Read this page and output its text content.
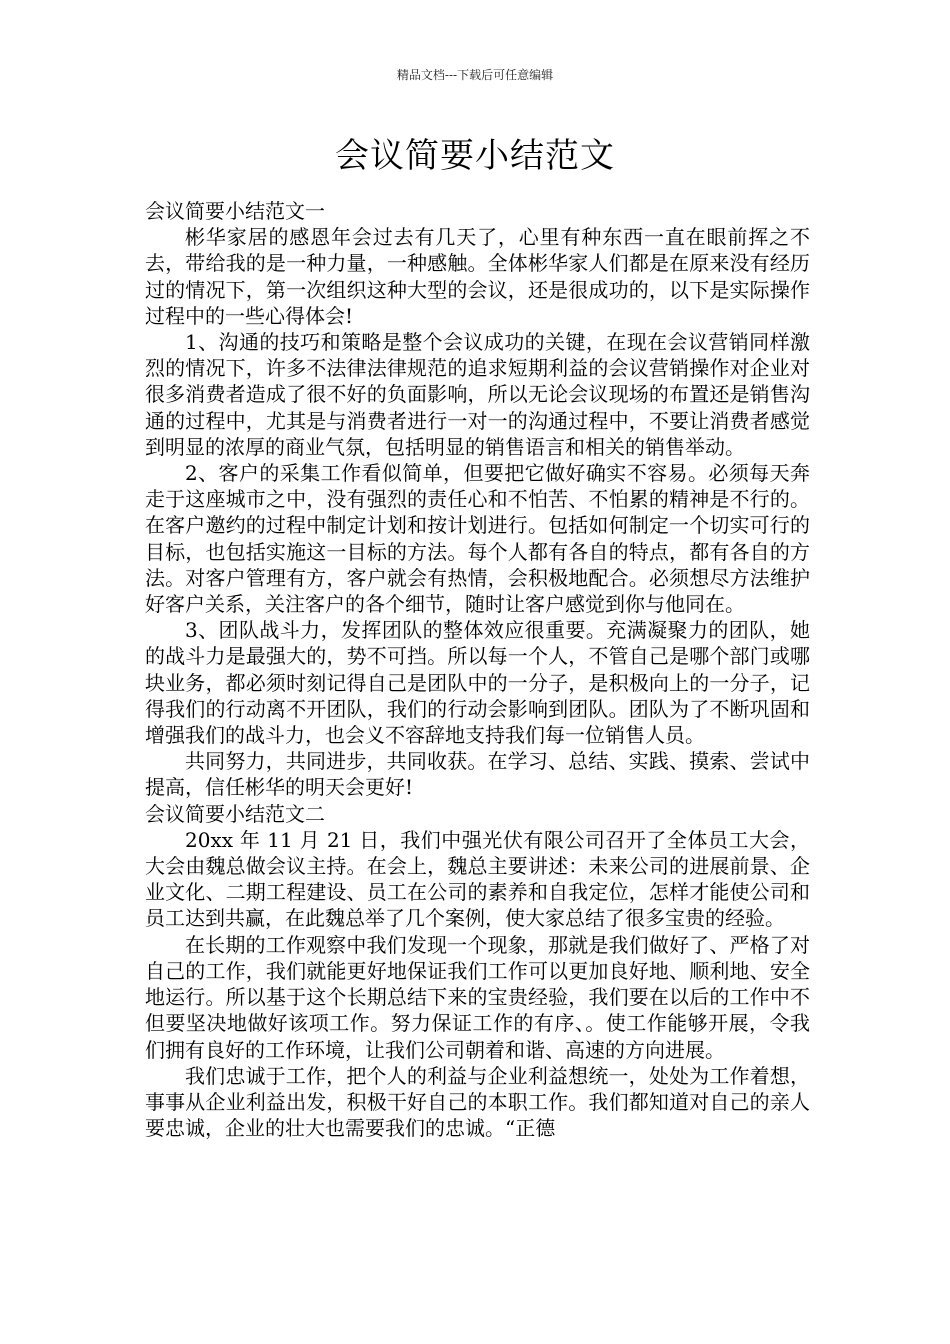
精品文档---下载后可任意编辑
会议简要小结范文

会议简要小结范文一

彬华家居的感恩年会过去有几天了，心里有种东西一直在眼前挥之不去，带给我的是一种力量，一种感触。全体彬华家人们都是在原来没有经历过的情况下，第一次组织这种大型的会议，还是很成功的，以下是实际操作过程中的一些心得体会!

1、沟通的技巧和策略是整个会议成功的关键，在现在会议营销同样激烈的情况下，许多不法律法律规范的追求短期利益的会议营销操作对企业对很多消费者造成了很不好的负面影响，所以无论会议现场的布置还是销售沟通的过程中，尤其是与消费者进行一对一的沟通过程中，不要让消费者感觉到明显的浓厚的商业气氛，包括明显的销售语言和相关的销售举动。

2、客户的采集工作看似简单，但要把它做好确实不容易。必须每天奔走于这座城市之中，没有强烈的责任心和不怕苦、不怕累的精神是不行的。在客户邀约的过程中制定计划和按计划进行。包括如何制定一个切实可行的目标，也包括实施这一目标的方法。每个人都有各自的特点，都有各自的方法。对客户管理有方，客户就会有热情，会积极地配合。必须想尽方法维护好客户关系，关注客户的各个细节，随时让客户感觉到你与他同在。

3、团队战斗力，发挥团队的整体效应很重要。充满凝聚力的团队，她的战斗力是最强大的，势不可挡。所以每一个人，不管自己是哪个部门或哪块业务，都必须时刻记得自己是团队中的一分子，是积极向上的一分子，记得我们的行动离不开团队，我们的行动会影响到团队。团队为了不断巩固和增强我们的战斗力，也会义不容辞地支持我们每一位销售人员。

共同努力，共同进步，共同收获。在学习、总结、实践、摸索、尝试中提高，信任彬华的明天会更好!

会议简要小结范文二

20xx 年 11 月 21 日，我们中强光伏有限公司召开了全体员工大会，大会由魏总做会议主持。在会上，魏总主要讲述：未来公司的进展前景、企业文化、二期工程建设、员工在公司的素养和自我定位，怎样才能使公司和员工达到共赢，在此魏总举了几个案例，使大家总结了很多宝贵的经验。

在长期的工作观察中我们发现一个现象，那就是我们做好了、严格了对自己的工作，我们就能更好地保证我们工作可以更加良好地、顺利地、安全地运行。所以基于这个长期总结下来的宝贵经验，我们要在以后的工作中不但要坚决地做好该项工作。努力保证工作的有序、。使工作能够开展，令我们拥有良好的工作环境，让我们公司朝着和谐、高速的方向进展。

我们忠诚于工作，把个人的利益与企业利益想统一，处处为工作着想，事事从企业利益出发，积极干好自己的本职工作。我们都知道对自己的亲人要忠诚，企业的壮大也需要我们的忠诚。“正德
